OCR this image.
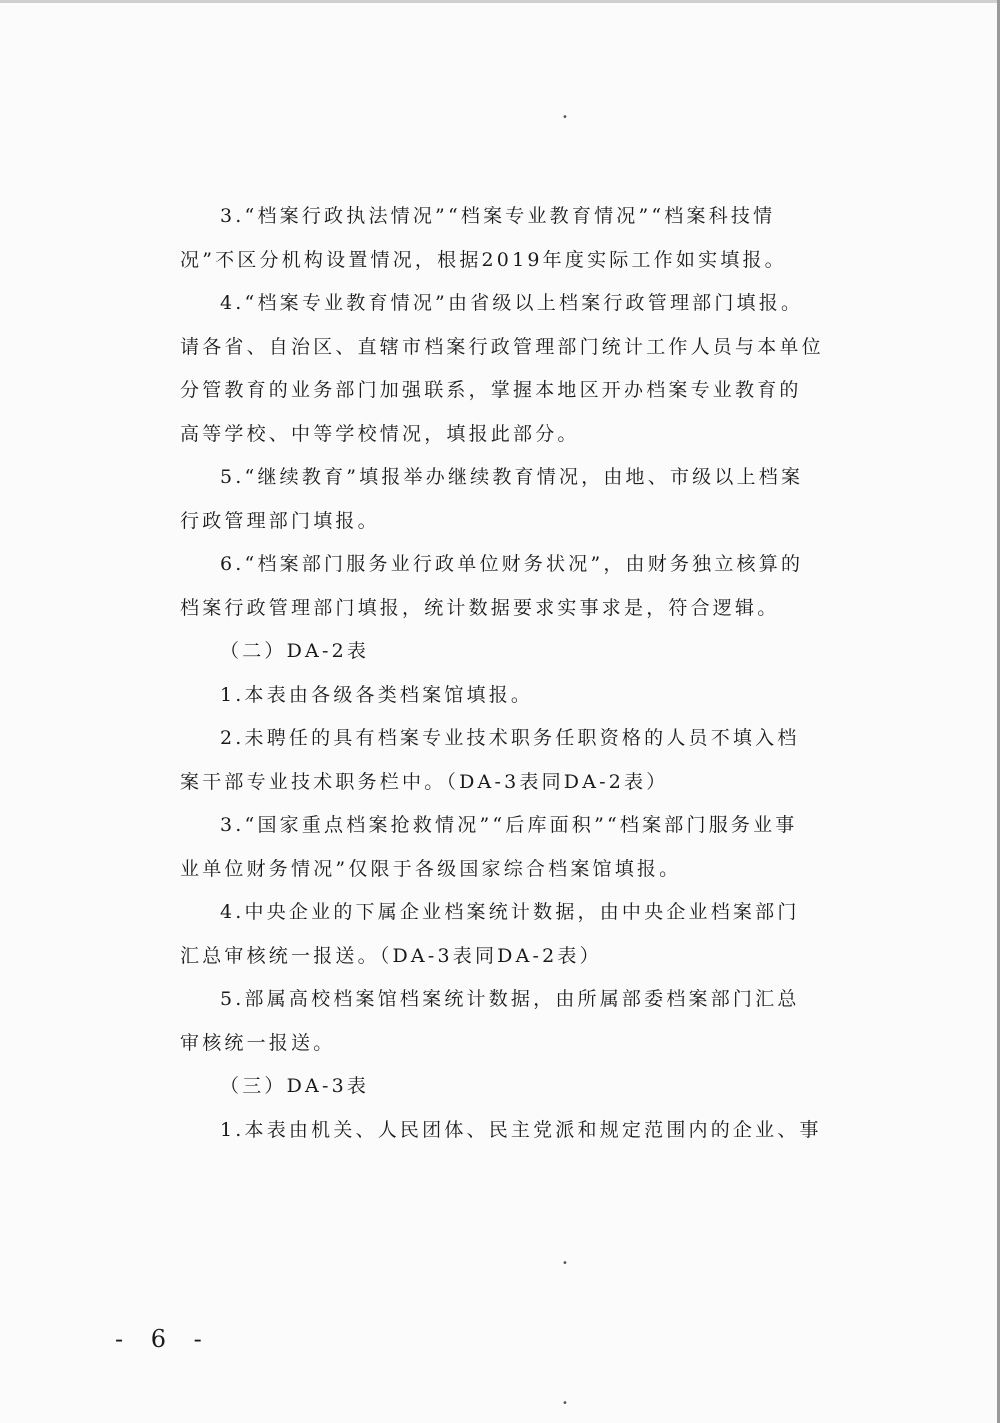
•
•
•

3.“档案行政执法情况”“档案专业教育情况”“档案科技情

况”不区分机构设置情况，根据2019年度实际工作如实填报。

4.“档案专业教育情况”由省级以上档案行政管理部门填报。

请各省、自治区、直辖市档案行政管理部门统计工作人员与本单位

分管教育的业务部门加强联系，掌握本地区开办档案专业教育的

高等学校、中等学校情况，填报此部分。

5.“继续教育”填报举办继续教育情况，由地、市级以上档案

行政管理部门填报。

6.“档案部门服务业行政单位财务状况”，由财务独立核算的

档案行政管理部门填报，统计数据要求实事求是，符合逻辑。

（二）DA-2表

1.本表由各级各类档案馆填报。

2.未聘任的具有档案专业技术职务任职资格的人员不填入档

案干部专业技术职务栏中。（DA-3表同DA-2表）

3.“国家重点档案抢救情况”“后库面积”“档案部门服务业事

业单位财务情况”仅限于各级国家综合档案馆填报。

4.中央企业的下属企业档案统计数据，由中央企业档案部门

汇总审核统一报送。（DA-3表同DA-2表）

5.部属高校档案馆档案统计数据，由所属部委档案部门汇总

审核统一报送。

（三）DA-3表

1.本表由机关、人民团体、民主党派和规定范围内的企业、事

- 6 -
